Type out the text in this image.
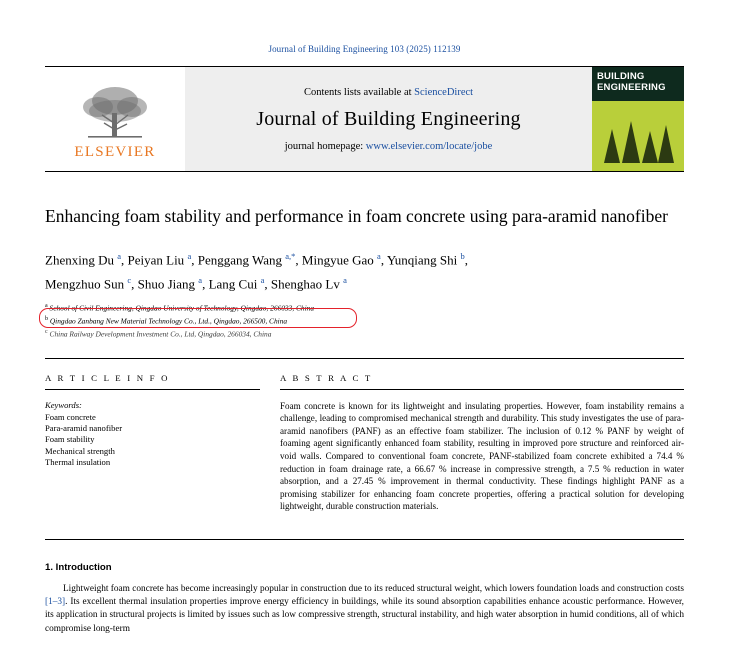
Journal of Building Engineering 103 (2025) 112139
ELSEVIER
Contents lists available at ScienceDirect
Journal of Building Engineering
journal homepage: www.elsevier.com/locate/jobe
BUILDING
ENGINEERING
Enhancing foam stability and performance in foam concrete using para-aramid nanofiber
Zhenxing Du $^a$, Peiyan Liu $^a$, Penggang Wang $^{a,*}$, Mingyue Gao $^a$, Yunqiang Shi $^b$,
Mengzhuo Sun $^c$, Shuo Jiang $^a$, Lang Cui $^a$, Shenghao Lv $^a$
$^a$ School of Civil Engineering, Qingdao University of Technology, Qingdao, 266033, China
$^b$ Qingdao Zanbang New Material Technology Co., Ltd., Qingdao, 266500, China
$^c$ China Railway Development Investment Co., Ltd, Qingdao, 266034, China
A R T I C L E I N F O
Keywords:
Foam concrete
Para-aramid nanofiber
Foam stability
Mechanical strength
Thermal insulation
A B S T R A C T
Foam concrete is known for its lightweight and insulating properties. However, foam instability remains a challenge, leading to compromised mechanical strength and durability. This study investigates the use of para-aramid nanofibers (PANF) as an effective foam stabilizer. The inclusion of 0.12 % PANF by weight of foaming agent significantly enhanced foam stability, resulting in improved pore structure and reinforced air-void walls. Compared to conventional foam concrete, PANF-stabilized foam concrete exhibited a 74.4 % reduction in foam drainage rate, a 66.67 % increase in compressive strength, a 7.5 % reduction in water absorption, and a 27.45 % improvement in thermal conductivity. These findings highlight PANF as a promising stabilizer for enhancing foam concrete properties, offering a practical solution for developing lightweight, durable construction materials.
1. Introduction

Lightweight foam concrete has become increasingly popular in construction due to its reduced structural weight, which lowers foundation loads and construction costs [1–3]. Its excellent thermal insulation properties improve energy efficiency in buildings, while its sound absorption capabilities enhance acoustic performance. However, its application in structural projects is limited by issues such as low compressive strength, structural instability, and high water absorption in humid conditions, all of which compromise long-term
